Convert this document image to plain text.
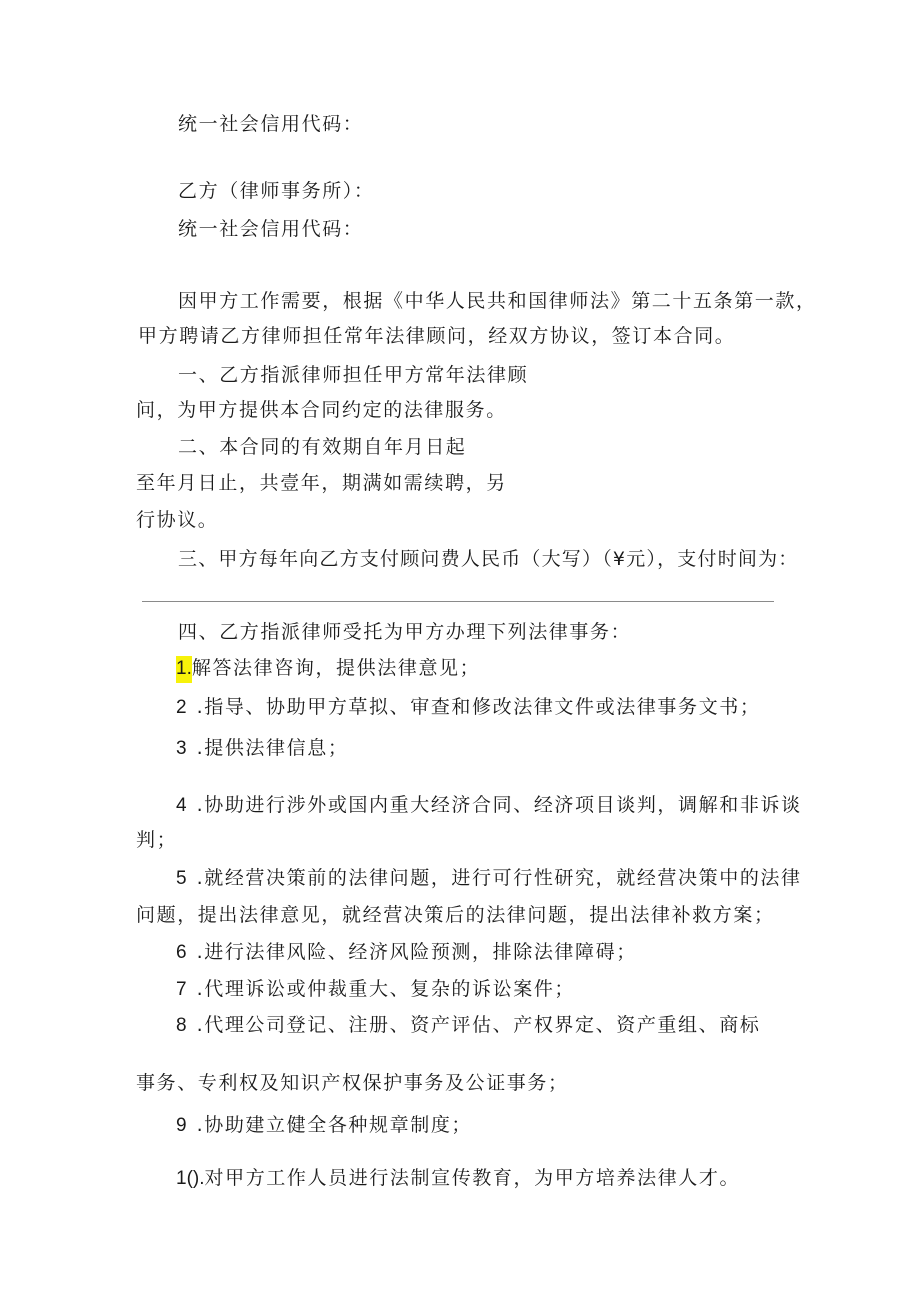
统一社会信用代码：
乙方（律师事务所）：
统一社会信用代码：
因甲方工作需要，根据《中华人民共和国律师法》第二十五条第一款，
甲方聘请乙方律师担任常年法律顾问，经双方协议，签订本合同。
一、乙方指派律师担任甲方常年法律顾
问，为甲方提供本合同约定的法律服务。
二、本合同的有效期自年月日起
至年月日止，共壹年，期满如需续聘，另
行协议。
三、甲方每年向乙方支付顾问费人民币（大写）（¥元），支付时间为：
四、乙方指派律师受托为甲方办理下列法律事务：
1.解答法律咨询，提供法律意见；
2 .指导、协助甲方草拟、审查和修改法律文件或法律事务文书；
3 .提供法律信息；
4 .协助进行涉外或国内重大经济合同、经济项目谈判，调解和非诉谈
判；
5 .就经营决策前的法律问题，进行可行性研究，就经营决策中的法律
问题，提出法律意见，就经营决策后的法律问题，提出法律补救方案；
6 .进行法律风险、经济风险预测，排除法律障碍；
7 .代理诉讼或仲裁重大、复杂的诉讼案件；
8 .代理公司登记、注册、资产评估、产权界定、资产重组、商标
事务、专利权及知识产权保护事务及公证事务；
9 .协助建立健全各种规章制度；
1().对甲方工作人员进行法制宣传教育，为甲方培养法律人才。
